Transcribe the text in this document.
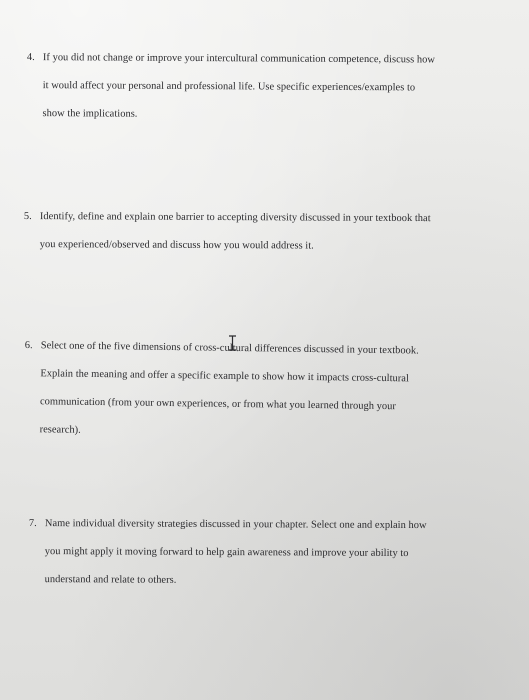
4. If you did not change or improve your intercultural communication competence, discuss how
it would affect your personal and professional life. Use specific experiences/examples to
show the implications.
5. Identify, define and explain one barrier to accepting diversity discussed in your textbook that
you experienced/observed and discuss how you would address it.
6. Select one of the five dimensions of cross-cultural differences discussed in your textbook.
Explain the meaning and offer a specific example to show how it impacts cross-cultural
communication (from your own experiences, or from what you learned through your
research).
7. Name individual diversity strategies discussed in your chapter. Select one and explain how
you might apply it moving forward to help gain awareness and improve your ability to
understand and relate to others.
